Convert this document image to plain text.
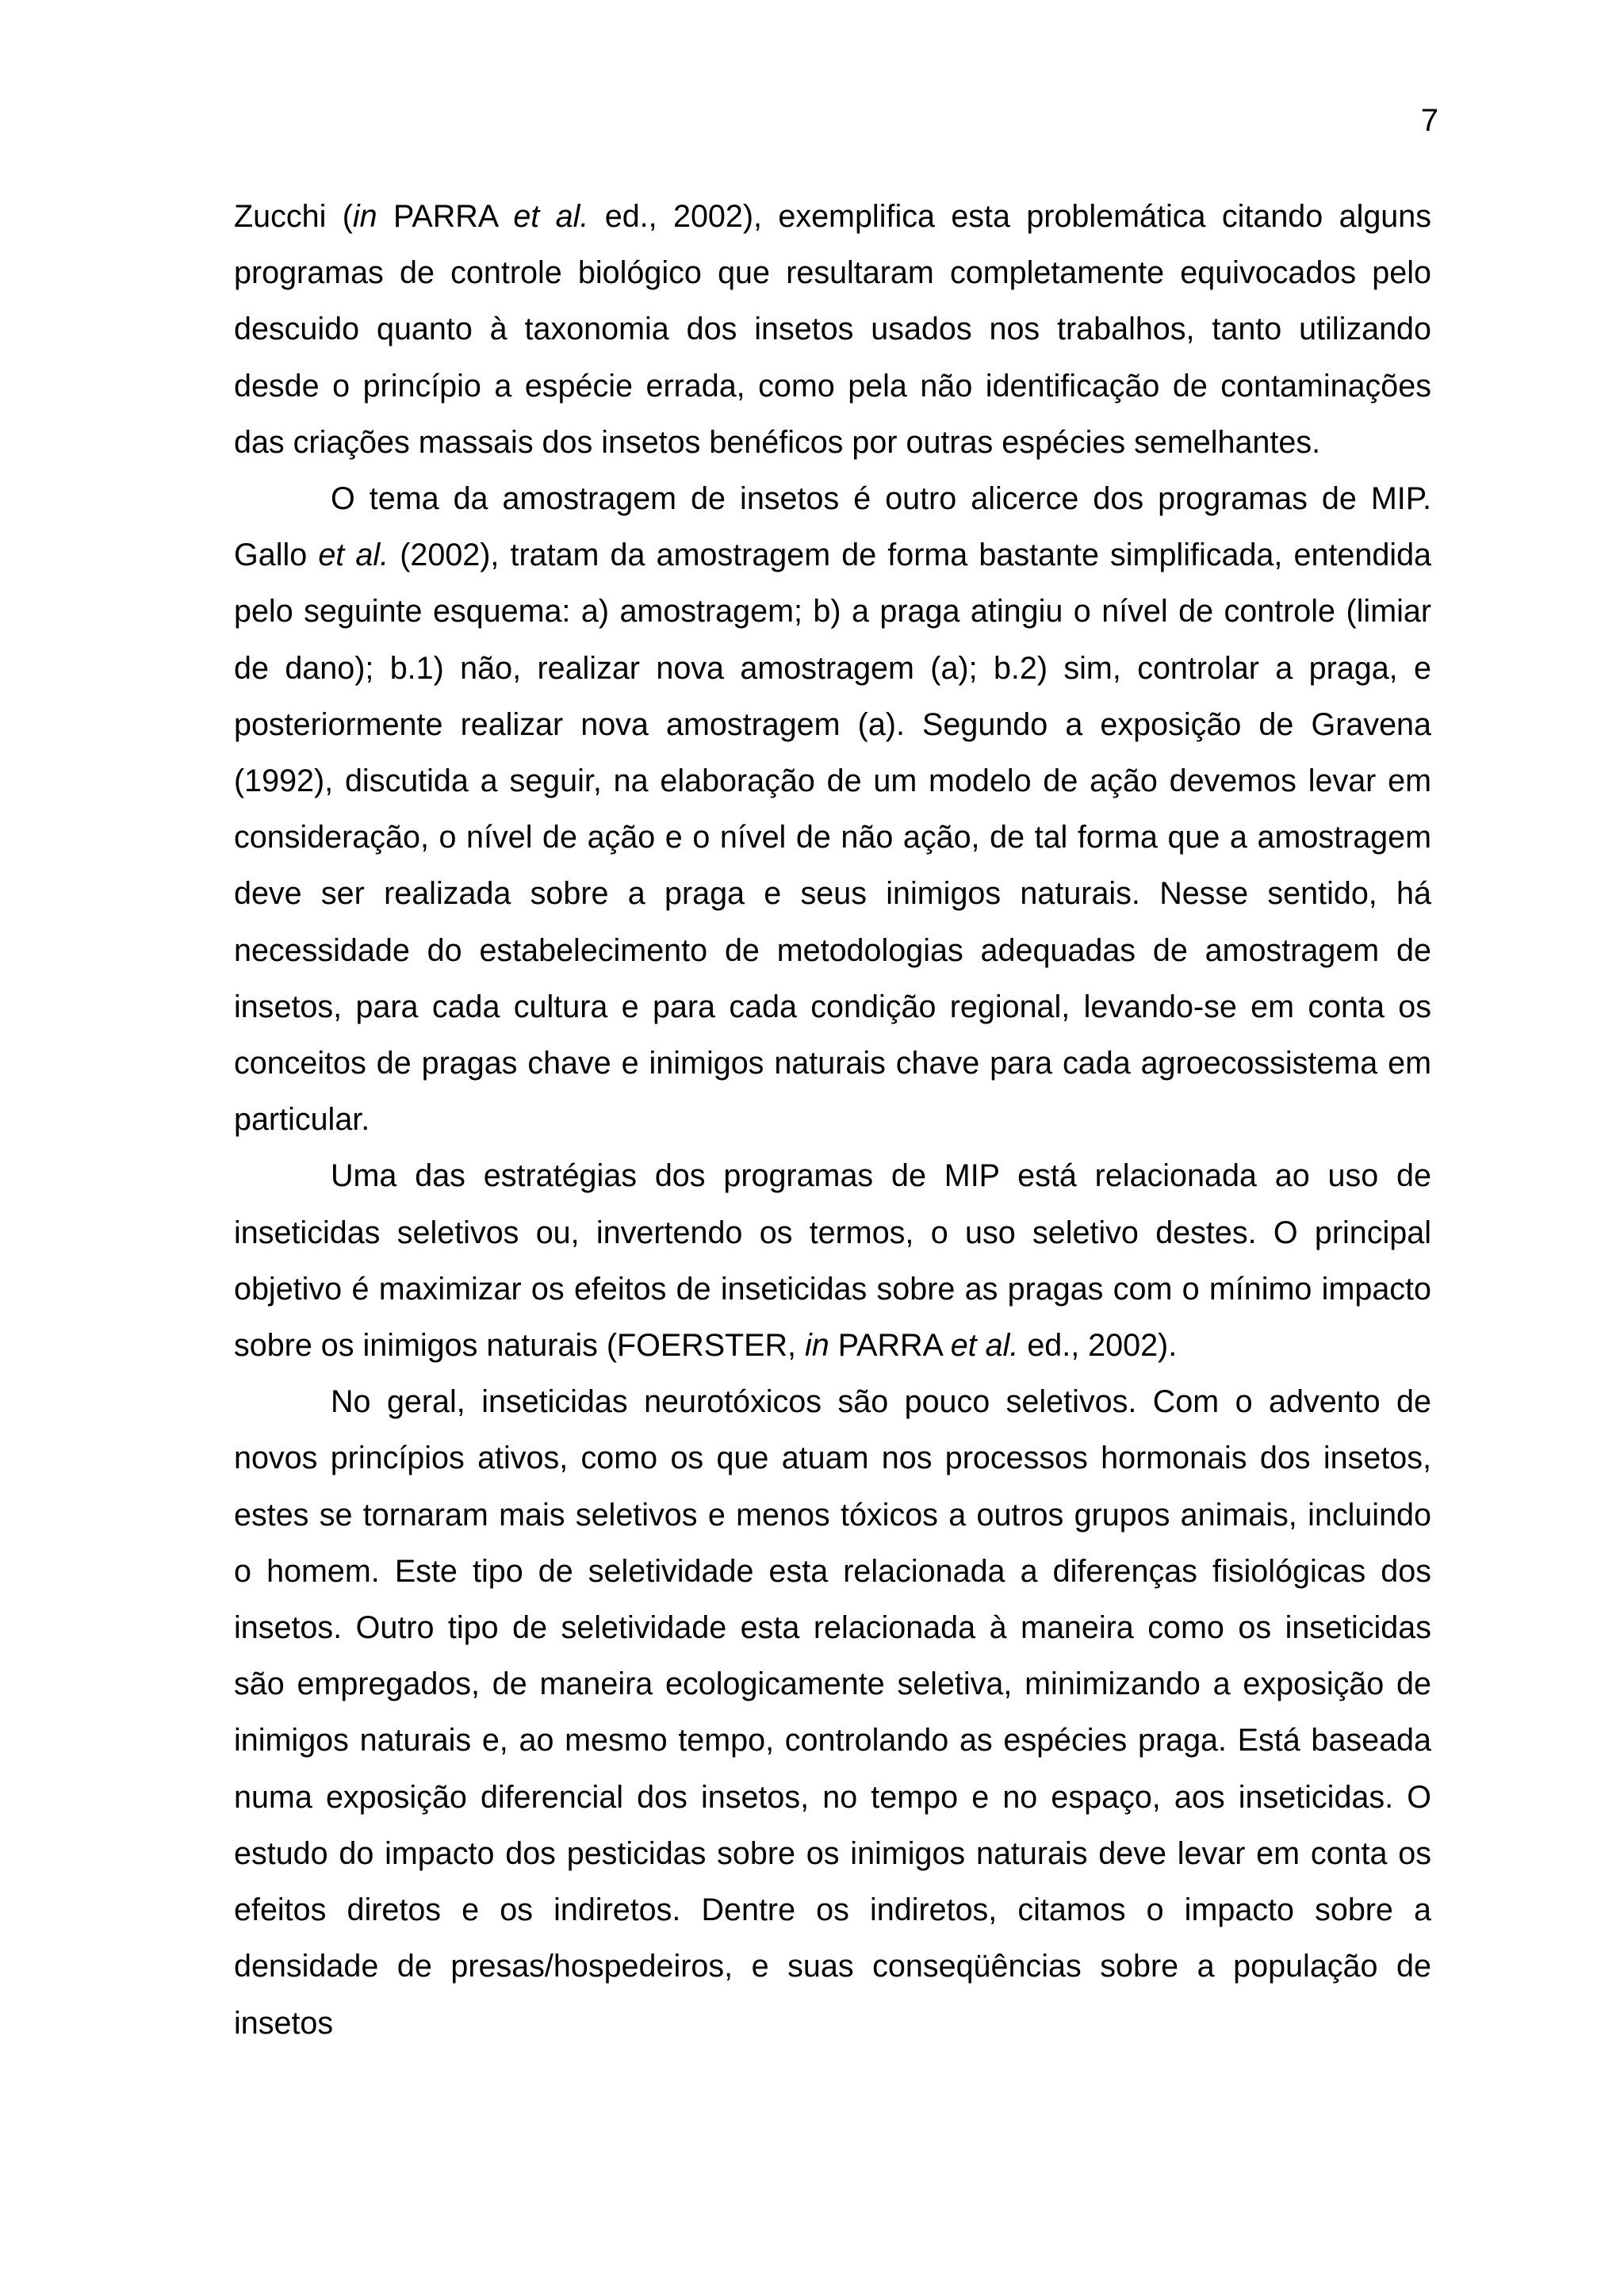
7

Zucchi (in PARRA et al. ed., 2002), exemplifica esta problemática citando alguns programas de controle biológico que resultaram completamente equivocados pelo descuido quanto à taxonomia dos insetos usados nos trabalhos, tanto utilizando desde o princípio a espécie errada, como pela não identificação de contaminações das criações massais dos insetos benéficos por outras espécies semelhantes.

O tema da amostragem de insetos é outro alicerce dos programas de MIP. Gallo et al. (2002), tratam da amostragem de forma bastante simplificada, entendida pelo seguinte esquema: a) amostragem; b) a praga atingiu o nível de controle (limiar de dano); b.1) não, realizar nova amostragem (a); b.2) sim, controlar a praga, e posteriormente realizar nova amostragem (a). Segundo a exposição de Gravena (1992), discutida a seguir, na elaboração de um modelo de ação devemos levar em consideração, o nível de ação e o nível de não ação, de tal forma que a amostragem deve ser realizada sobre a praga e seus inimigos naturais. Nesse sentido, há necessidade do estabelecimento de metodologias adequadas de amostragem de insetos, para cada cultura e para cada condição regional, levando-se em conta os conceitos de pragas chave e inimigos naturais chave para cada agroecossistema em particular.

Uma das estratégias dos programas de MIP está relacionada ao uso de inseticidas seletivos ou, invertendo os termos, o uso seletivo destes. O principal objetivo é maximizar os efeitos de inseticidas sobre as pragas com o mínimo impacto sobre os inimigos naturais (FOERSTER, in PARRA et al. ed., 2002).

No geral, inseticidas neurotóxicos são pouco seletivos. Com o advento de novos princípios ativos, como os que atuam nos processos hormonais dos insetos, estes se tornaram mais seletivos e menos tóxicos a outros grupos animais, incluindo o homem. Este tipo de seletividade esta relacionada a diferenças fisiológicas dos insetos. Outro tipo de seletividade esta relacionada à maneira como os inseticidas são empregados, de maneira ecologicamente seletiva, minimizando a exposição de inimigos naturais e, ao mesmo tempo, controlando as espécies praga. Está baseada numa exposição diferencial dos insetos, no tempo e no espaço, aos inseticidas. O estudo do impacto dos pesticidas sobre os inimigos naturais deve levar em conta os efeitos diretos e os indiretos. Dentre os indiretos, citamos o impacto sobre a densidade de presas/hospedeiros, e suas conseqüências sobre a população de insetos
